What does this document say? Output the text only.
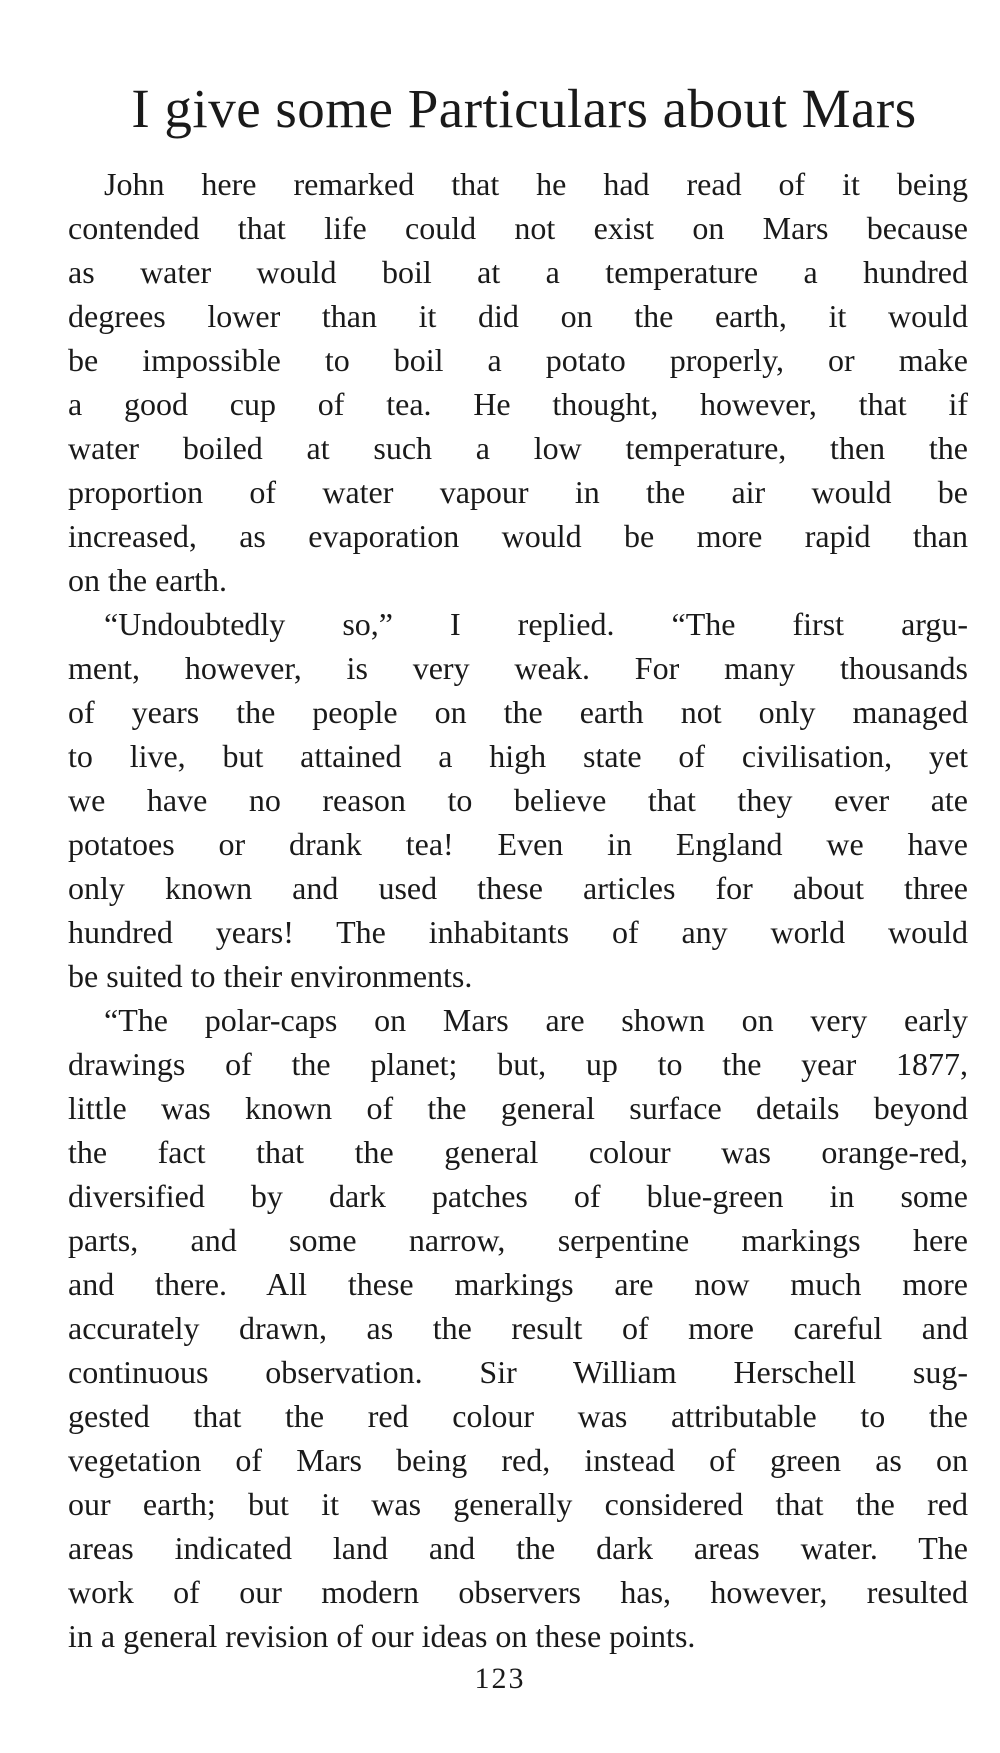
I give some Particulars about Mars

John here remarked that he had read of it being
contended that life could not exist on Mars because
as water would boil at a temperature a hundred
degrees lower than it did on the earth, it would
be impossible to boil a potato properly, or make
a good cup of tea. He thought, however, that if
water boiled at such a low temperature, then the
proportion of water vapour in the air would be
increased, as evaporation would be more rapid than
on the earth.

“Undoubtedly so,” I replied. “The first argu-
ment, however, is very weak. For many thousands
of years the people on the earth not only managed
to live, but attained a high state of civilisation, yet
we have no reason to believe that they ever ate
potatoes or drank tea! Even in England we have
only known and used these articles for about three
hundred years! The inhabitants of any world would
be suited to their environments.

“The polar-caps on Mars are shown on very early
drawings of the planet; but, up to the year 1877,
little was known of the general surface details beyond
the fact that the general colour was orange-red,
diversified by dark patches of blue-green in some
parts, and some narrow, serpentine markings here
and there. All these markings are now much more
accurately drawn, as the result of more careful and
continuous observation. Sir William Herschell sug-
gested that the red colour was attributable to the
vegetation of Mars being red, instead of green as on
our earth; but it was generally considered that the red
areas indicated land and the dark areas water. The
work of our modern observers has, however, resulted
in a general revision of our ideas on these points.

123
